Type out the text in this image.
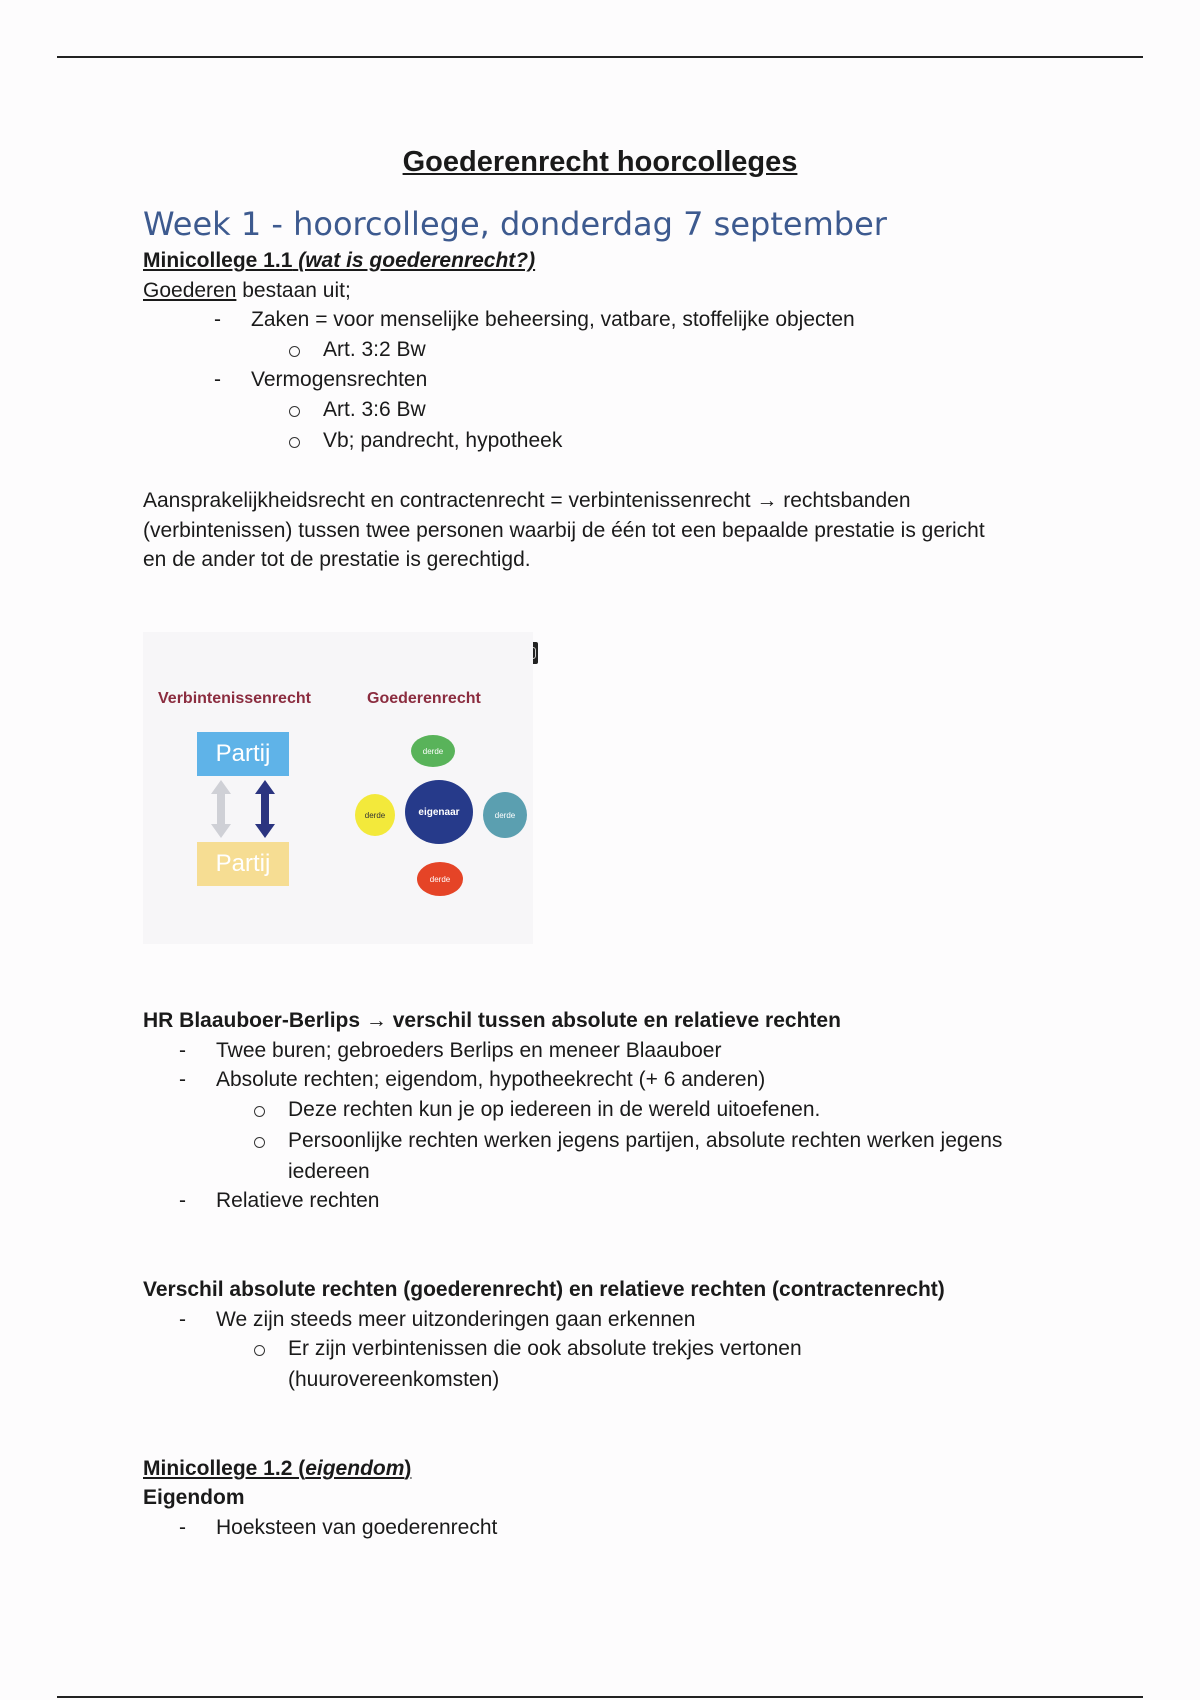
Goederenrecht hoorcolleges
Week 1 - hoorcollege, donderdag 7 september
Minicollege 1.1 (wat is goederenrecht?)
Goederen bestaan uit;
- Zaken = voor menselijke beheersing, vatbare, stoffelijke objecten
Art. 3:2 Bw
- Vermogensrechten
Art. 3:6 Bw
Vb; pandrecht, hypotheek
Aansprakelijkheidsrecht en contractenrecht = verbintenissenrecht → rechtsbanden
(verbintenissen) tussen twee personen waarbij de één tot een bepaalde prestatie is gericht
en de ander tot de prestatie is gerechtigd.
Verbintenissenrecht	Goederenrecht
Partij
Partij
derde
derde	eigenaar	derde
derde
HR Blaauboer-Berlips → verschil tussen absolute en relatieve rechten
- Twee buren; gebroeders Berlips en meneer Blaauboer
- Absolute rechten; eigendom, hypotheekrecht (+ 6 anderen)
Deze rechten kun je op iedereen in de wereld uitoefenen.
Persoonlijke rechten werken jegens partijen, absolute rechten werken jegens
iedereen
- Relatieve rechten
Verschil absolute rechten (goederenrecht) en relatieve rechten (contractenrecht)
- We zijn steeds meer uitzonderingen gaan erkennen
Er zijn verbintenissen die ook absolute trekjes vertonen
(huurovereenkomsten)
Minicollege 1.2 (eigendom)
Eigendom
- Hoeksteen van goederenrecht
